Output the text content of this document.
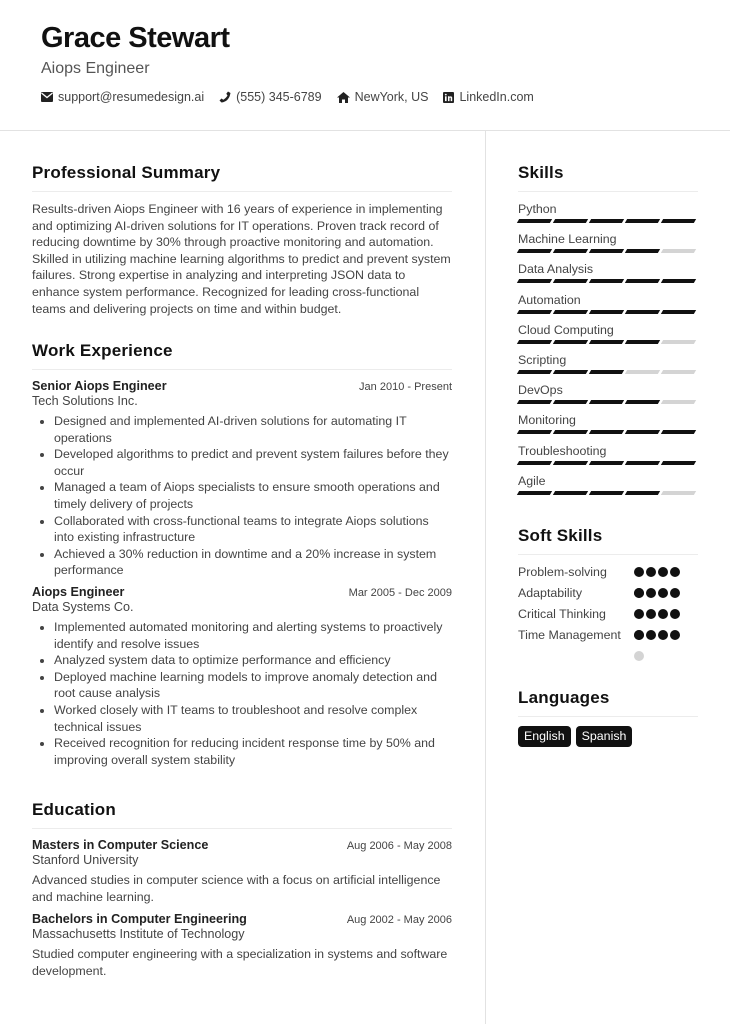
Grace Stewart
Aiops Engineer
support@resumedesign.ai	(555) 345-6789	NewYork, US LinkedIn.com
Professional Summary

Results-driven Aiops Engineer with 16 years of experience in implementing and optimizing AI-driven solutions for IT operations. Proven track record of reducing downtime by 30% through proactive monitoring and automation. Skilled in utilizing machine learning algorithms to predict and prevent system failures. Strong expertise in analyzing and interpreting JSON data to enhance system performance. Recognized for leading cross-functional teams and delivering projects on time and within budget.

Work Experience
Senior Aiops Engineer	Jan 2010 - Present
Tech Solutions Inc.
• Designed and implemented AI-driven solutions for automating IT operations
• Developed algorithms to predict and prevent system failures before they occur
• Managed a team of Aiops specialists to ensure smooth operations and timely delivery of projects
• Collaborated with cross-functional teams to integrate Aiops solutions into existing infrastructure
• Achieved a 30% reduction in downtime and a 20% increase in system performance
Aiops Engineer	Mar 2005 - Dec 2009
Data Systems Co.
• Implemented automated monitoring and alerting systems to proactively identify and resolve issues
• Analyzed system data to optimize performance and efficiency
• Deployed machine learning models to improve anomaly detection and root cause analysis
• Worked closely with IT teams to troubleshoot and resolve complex technical issues
• Received recognition for reducing incident response time by 50% and improving overall system stability
Education
Masters in Computer Science	Aug 2006 - May 2008
Stanford University

Advanced studies in computer science with a focus on artificial intelligence and machine learning.

Bachelors in Computer Engineering	Aug 2002 - May 2006
Massachusetts Institute of Technology

Studied computer engineering with a specialization in systems and software development.

Skills
Python
Machine Learning
Data Analysis
Automation
Cloud Computing
Scripting
DevOps
Monitoring
Troubleshooting
Agile
Soft Skills
Problem-solving
Adaptability
Critical Thinking
Time Management
Languages
English	Spanish
